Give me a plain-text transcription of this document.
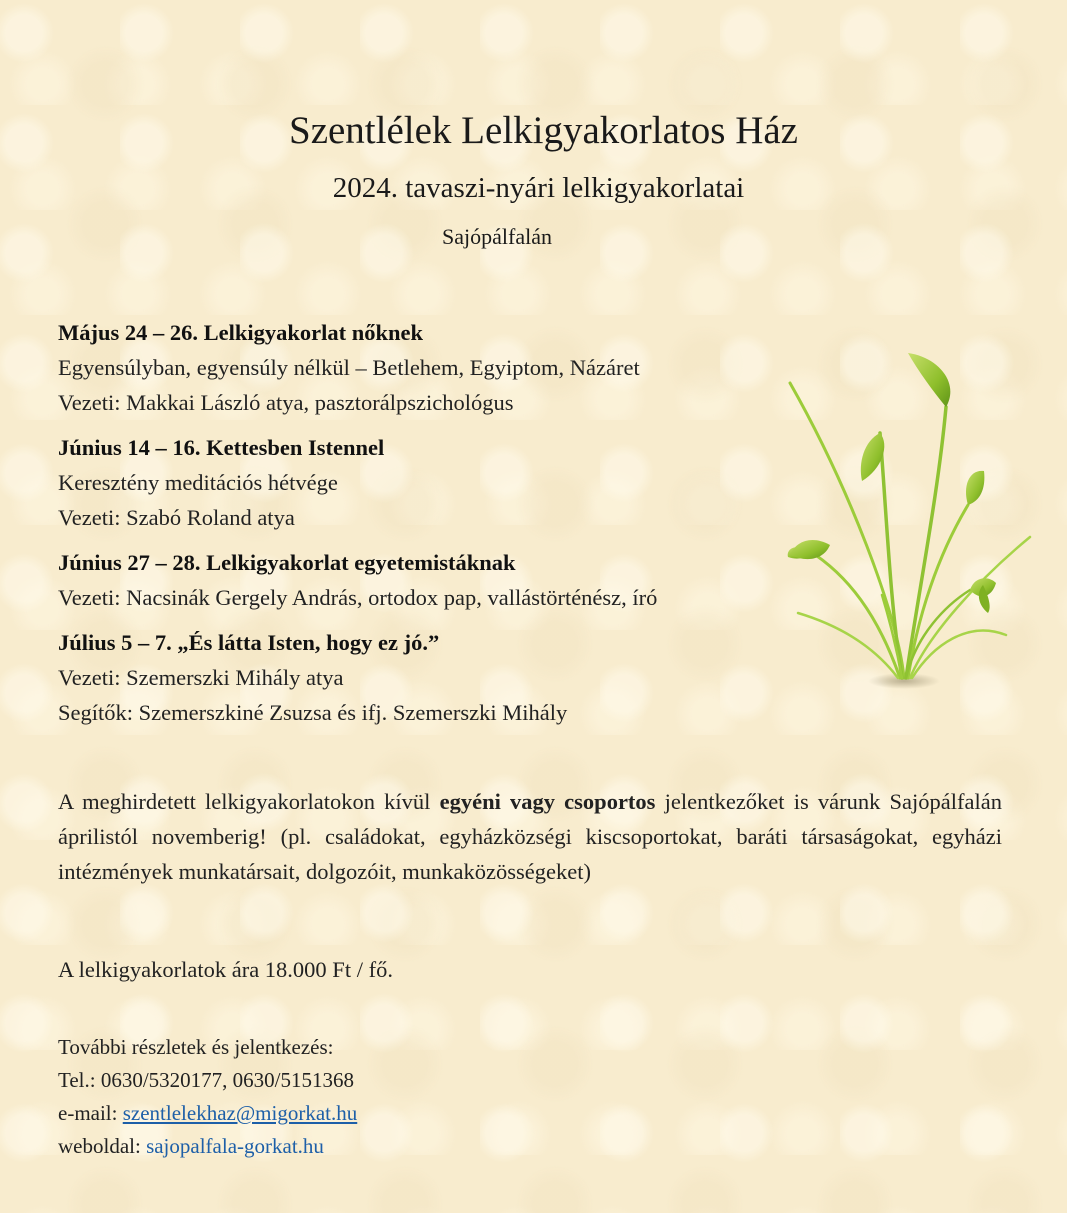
Szentlélek Lelkigyakorlatos Ház
2024. tavaszi-nyári lelkigyakorlatai
Sajópálfalán
Május 24 – 26. Lelkigyakorlat nőknek
Egyensúlyban, egyensúly nélkül – Betlehem, Egyiptom, Názáret
Vezeti: Makkai László atya, pasztorálpszichológus
Június 14 – 16. Kettesben Istennel
Keresztény meditációs hétvége
Vezeti: Szabó Roland atya
Június 27 – 28. Lelkigyakorlat egyetemistáknak
Vezeti: Nacsinák Gergely András, ortodox pap, vallástörténész, író
Július 5 – 7. „És látta Isten, hogy ez jó.”
Vezeti: Szemerszki Mihály atya
Segítők: Szemerszkiné Zsuzsa és ifj. Szemerszki Mihály
A meghirdetett lelkigyakorlatokon kívül egyéni vagy csoportos jelentkezőket is várunk Sajópálfalán áprilistól novemberig! (pl. családokat, egyházközségi kiscsoportokat, baráti társaságokat, egyházi intézmények munkatársait, dolgozóit, munkaközösségeket)
A lelkigyakorlatok ára 18.000 Ft / fő.
További részletek és jelentkezés:
Tel.: 0630/5320177, 0630/5151368
e-mail: szentlelekhaz@migorkat.hu
weboldal: sajopalfala-gorkat.hu
